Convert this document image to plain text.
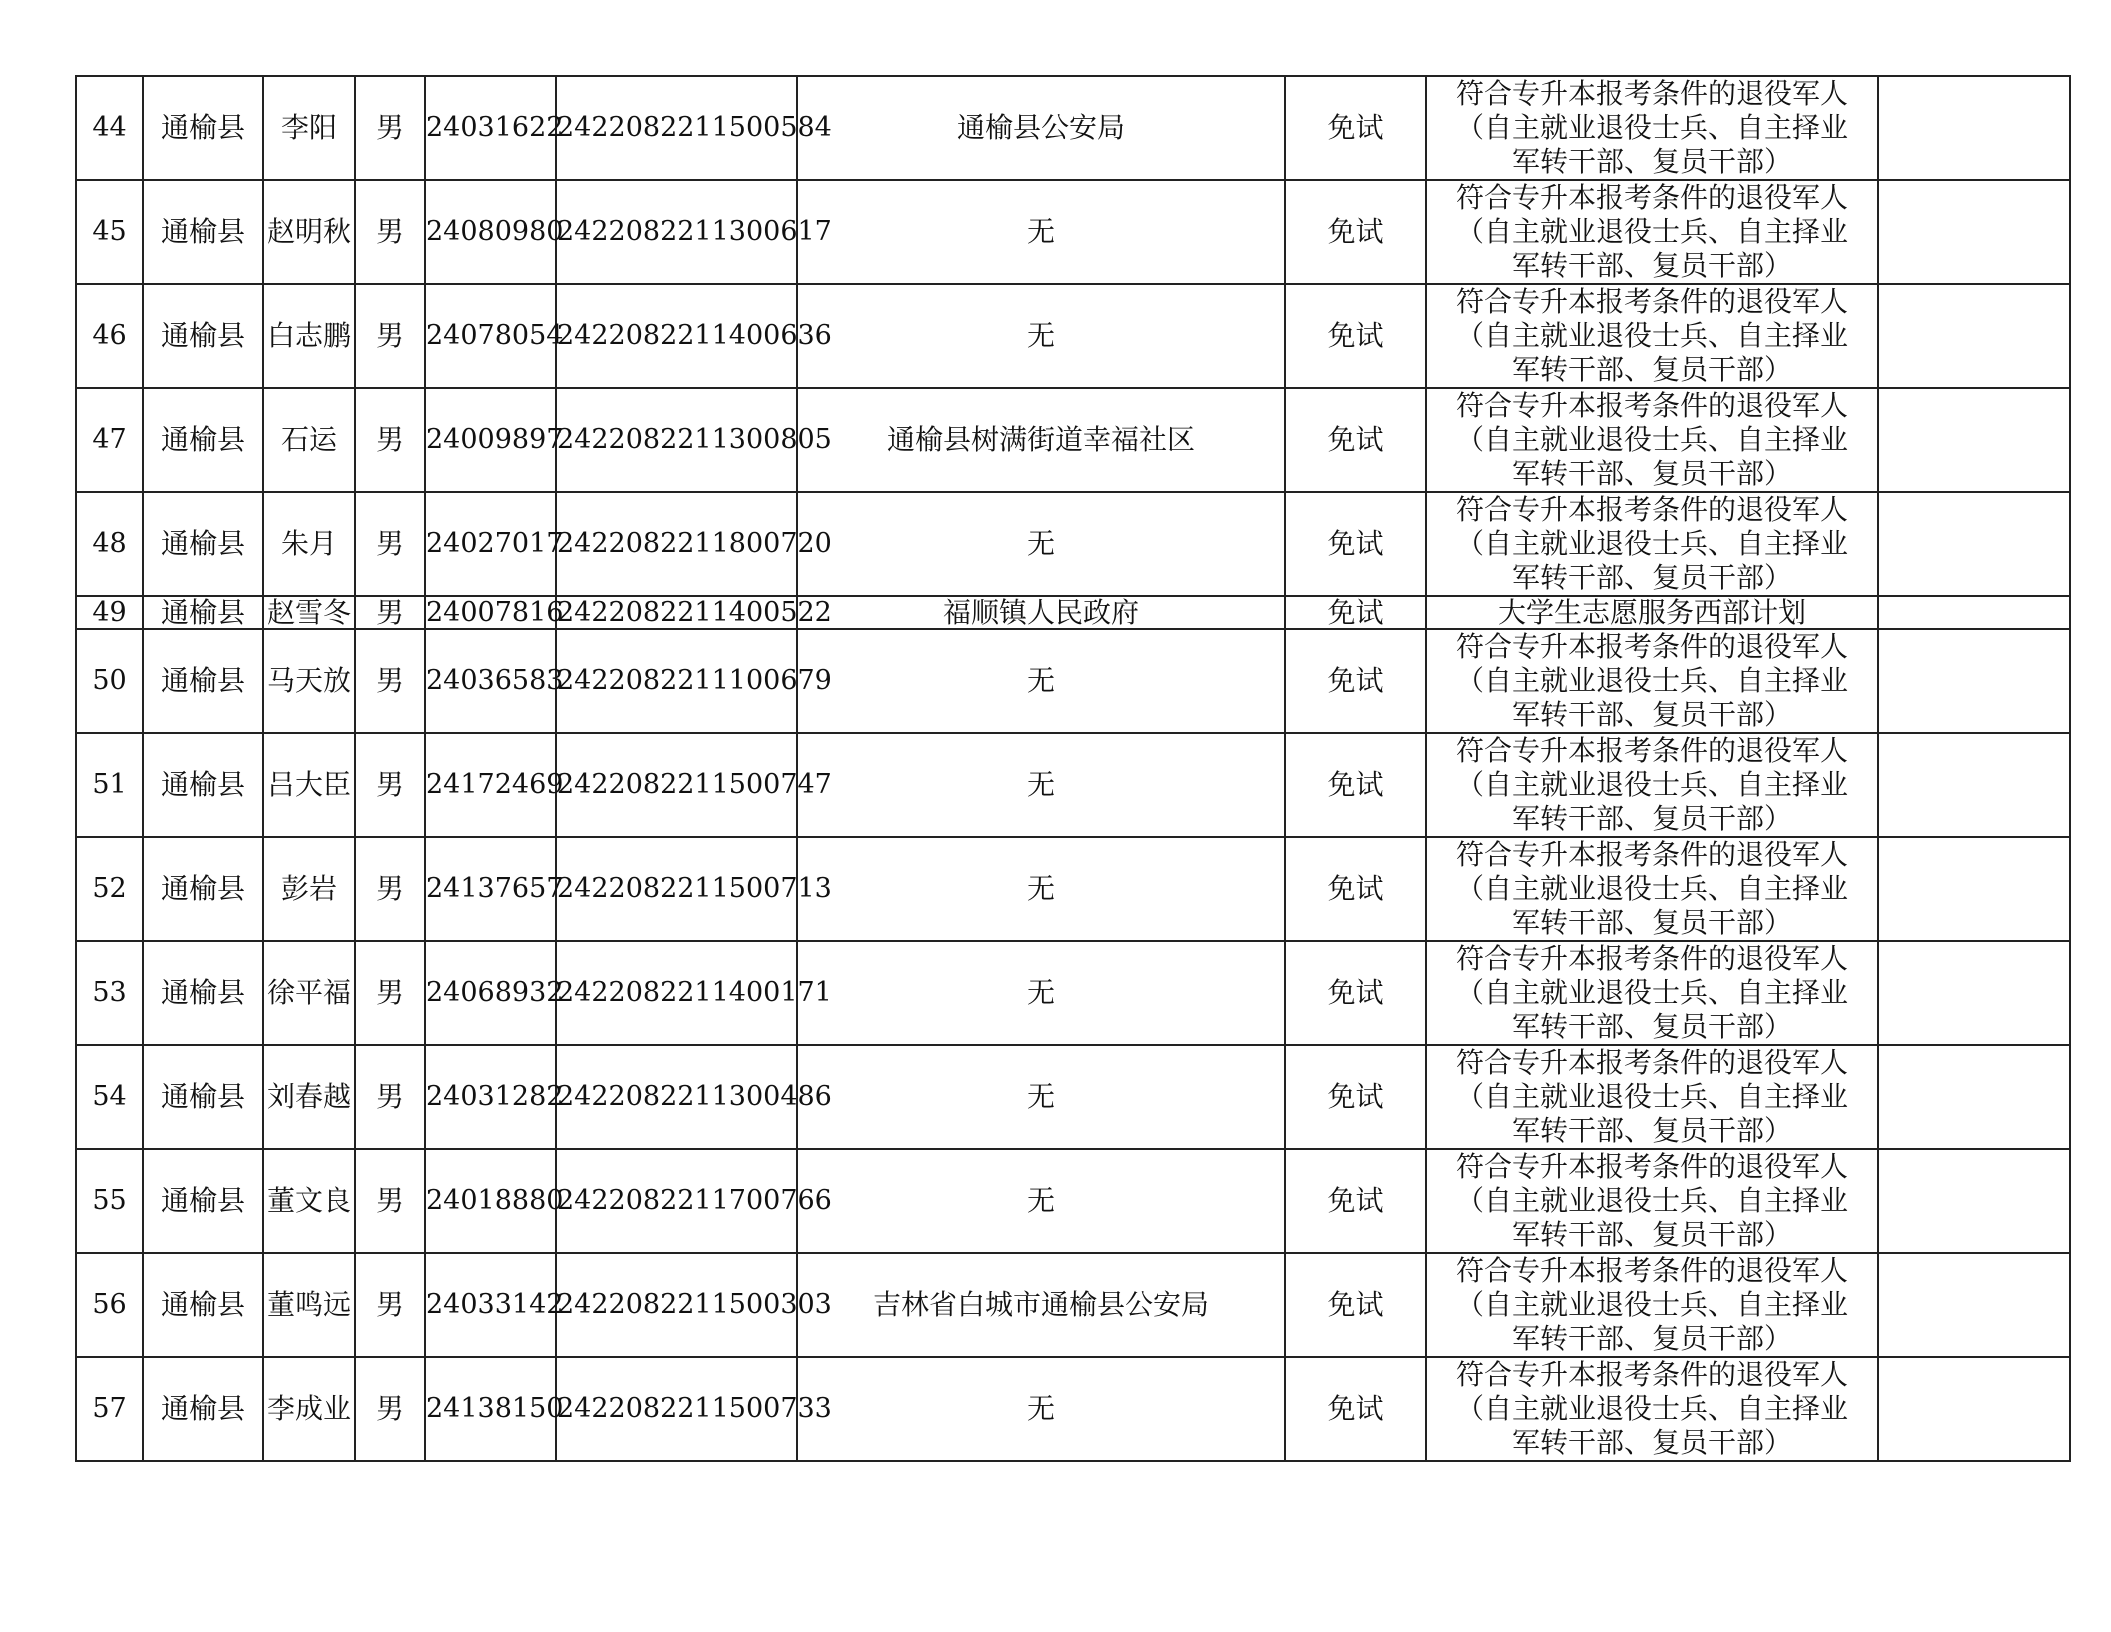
44	通榆县	李阳	男	24031622	2422082211500584	通榆县公安局	免试	符合专升本报考条件的退役军人
（自主就业退役士兵、自主择业
军转干部、复员干部）	

45	通榆县	赵明秋	男	24080980	2422082211300617	无	免试	符合专升本报考条件的退役军人
（自主就业退役士兵、自主择业
军转干部、复员干部）	

46	通榆县	白志鹏	男	24078054	2422082211400636	无	免试	符合专升本报考条件的退役军人
（自主就业退役士兵、自主择业
军转干部、复员干部）	

47	通榆县	石运	男	24009897	2422082211300805	通榆县树满街道幸福社区	免试	符合专升本报考条件的退役军人
（自主就业退役士兵、自主择业
军转干部、复员干部）	

48	通榆县	朱月	男	24027017	2422082211800720	无	免试	符合专升本报考条件的退役军人
（自主就业退役士兵、自主择业
军转干部、复员干部）	

49	通榆县	赵雪冬	男	24007816	2422082211400522	福顺镇人民政府	免试	大学生志愿服务西部计划	

50	通榆县	马天放	男	24036583	2422082211100679	无	免试	符合专升本报考条件的退役军人
（自主就业退役士兵、自主择业
军转干部、复员干部）	

51	通榆县	吕大臣	男	24172469	2422082211500747	无	免试	符合专升本报考条件的退役军人
（自主就业退役士兵、自主择业
军转干部、复员干部）	

52	通榆县	彭岩	男	24137657	2422082211500713	无	免试	符合专升本报考条件的退役军人
（自主就业退役士兵、自主择业
军转干部、复员干部）	

53	通榆县	徐平福	男	24068932	2422082211400171	无	免试	符合专升本报考条件的退役军人
（自主就业退役士兵、自主择业
军转干部、复员干部）	

54	通榆县	刘春越	男	24031282	2422082211300486	无	免试	符合专升本报考条件的退役军人
（自主就业退役士兵、自主择业
军转干部、复员干部）	

55	通榆县	董文良	男	24018880	2422082211700766	无	免试	符合专升本报考条件的退役军人
（自主就业退役士兵、自主择业
军转干部、复员干部）	

56	通榆县	董鸣远	男	24033142	2422082211500303	吉林省白城市通榆县公安局	免试	符合专升本报考条件的退役军人
（自主就业退役士兵、自主择业
军转干部、复员干部）	

57	通榆县	李成业	男	24138150	2422082211500733	无	免试	符合专升本报考条件的退役军人
（自主就业退役士兵、自主择业
军转干部、复员干部）	
